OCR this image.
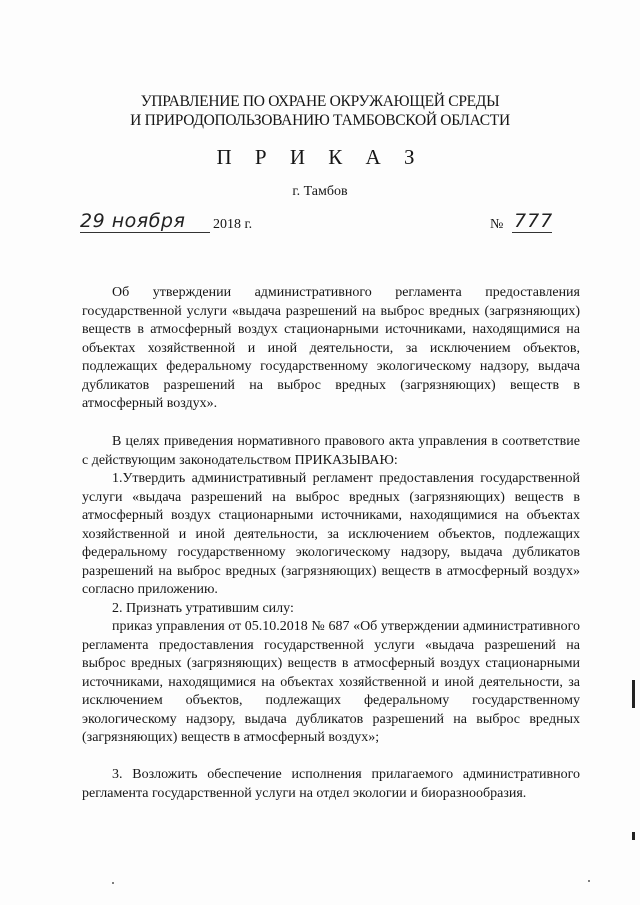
УПРАВЛЕНИЕ ПО ОХРАНЕ ОКРУЖАЮЩЕЙ СРЕДЫ
И ПРИРОДОПОЛЬЗОВАНИЮ ТАМБОВСКОЙ ОБЛАСТИ
П Р И К А З
г. Тамбов
29 ноября 2018 г.	№ 777

Об утверждении административного регламента предоставления государственной услуги «выдача разрешений на выброс вредных (загрязняющих) веществ в атмосферный воздух стационарными источниками, находящимися на объектах хозяйственной и иной деятельности, за исключением объектов, подлежащих федеральному государственному экологическому надзору, выдача дубликатов разрешений на выброс вредных (загрязняющих) веществ в атмосферный воздух».

В целях приведения нормативного правового акта управления в соответствие с действующим законодательством ПРИКАЗЫВАЮ:

1.Утвердить административный регламент предоставления государственной услуги «выдача разрешений на выброс вредных (загрязняющих) веществ в атмосферный воздух стационарными источниками, находящимися на объектах хозяйственной и иной деятельности, за исключением объектов, подлежащих федеральному государственному экологическому надзору, выдача дубликатов разрешений на выброс вредных (загрязняющих) веществ в атмосферный воздух» согласно приложению.

2. Признать утратившим силу:

приказ управления от 05.10.2018 № 687 «Об утверждении административного регламента предоставления государственной услуги «выдача разрешений на выброс вредных (загрязняющих) веществ в атмосферный воздух стационарными источниками, находящимися на объектах хозяйственной и иной деятельности, за исключением объектов, подлежащих федеральному государственному экологическому надзору, выдача дубликатов разрешений на выброс вредных (загрязняющих) веществ в атмосферный воздух»;

3. Возложить обеспечение исполнения прилагаемого административного регламента государственной услуги на отдел экологии и биоразнообразия.
